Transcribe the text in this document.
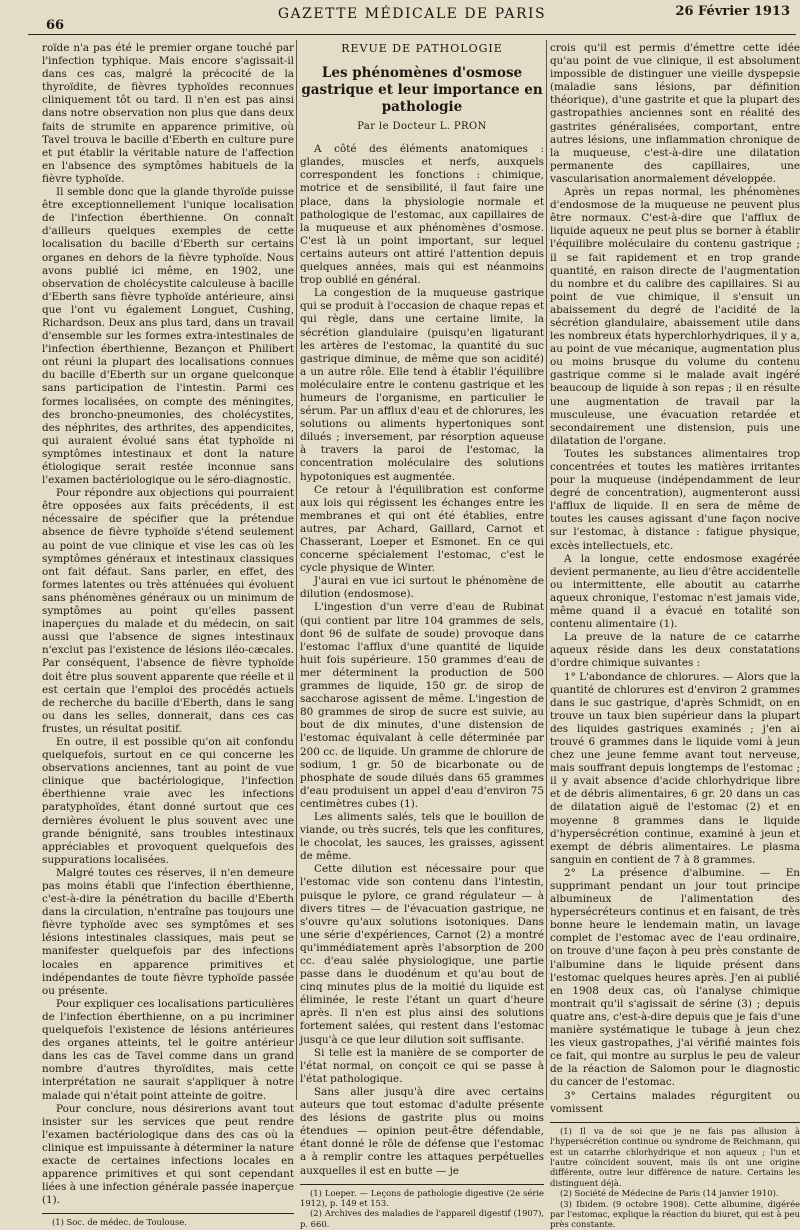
66
GAZETTE MÉDICALE DE PARIS	26 Février 1913

roïde n'a pas été le premier organe touché par l'infection typhique. Mais encore s'agissait-il dans ces cas, malgré la précocité de la thyroïdite, de fièvres typhoïdes reconnues cliniquement tôt ou tard. Il n'en est pas ainsi dans notre observation non plus que dans deux faits de strumite en apparence primitive, où Tavel trouva le bacille d'Eberth en culture pure et put établir la véritable nature de l'affection en l'absence des symptômes habituels de la fièvre typhoïde.

Il semble donc que la glande thyroïde puisse être exceptionnellement l'unique localisation de l'infection éberthienne. On connaît d'ailleurs quelques exemples de cette localisation du bacille d'Eberth sur certains organes en dehors de la fièvre typhoïde. Nous avons publié ici même, en 1902, une observation de cholécystite calculeuse à bacille d'Eberth sans fièvre typhoïde antérieure, ainsi que l'ont vu également Longuet, Cushing, Richardson. Deux ans plus tard, dans un travail d'ensemble sur les formes extra-intestinales de l'infection éberthienne, Bezançon et Philibert ont réuni la plupart des localisations connues du bacille d'Eberth sur un organe quelconque sans participation de l'intestin. Parmi ces formes localisées, on compte des méningites, des broncho-pneumonies, des cholécystites, des néphrites, des arthrites, des appendicites, qui auraient évolué sans état typhoïde ni symptômes intestinaux et dont la nature étiologique serait restée inconnue sans l'examen bactériologique ou le séro-diagnostic.

Pour répondre aux objections qui pourraient être opposées aux faits précédents, il est nécessaire de spécifier que la prétendue absence de fièvre typhoïde s'étend seulement au point de vue clinique et vise les cas où les symptômes généraux et intestinaux classiques ont fait défaut. Sans parler, en effet, des formes latentes ou très atténuées qui évoluent sans phénomènes généraux ou un minimum de symptômes au point qu'elles passent inaperçues du malade et du médecin, on sait aussi que l'absence de signes intestinaux n'exclut pas l'existence de lésions iléo-cæcales. Par conséquent, l'absence de fièvre typhoïde doit être plus souvent apparente que réelle et il est certain que l'emploi des procédés actuels de recherche du bacille d'Eberth, dans le sang ou dans les selles, donnerait, dans ces cas frustes, un résultat positif.

En outre, il est possible qu'on ait confondu quelquefois, surtout en ce qui concerne les observations anciennes, tant au point de vue clinique que bactériologique, l'infection éberthienne vraie avec les infections paratyphoïdes, étant donné surtout que ces dernières évoluent le plus souvent avec une grande bénignité, sans troubles intestinaux appréciables et provoquent quelquefois des suppurations localisées.

Malgré toutes ces réserves, il n'en demeure pas moins établi que l'infection éberthienne, c'est-à-dire la pénétration du bacille d'Eberth dans la circulation, n'entraîne pas toujours une fièvre typhoïde avec ses symptômes et ses lésions intestinales classiques, mais peut se manifester quelquefois par des infections locales en apparence primitives et indépendantes de toute fièvre typhoïde passée ou présente.

Pour expliquer ces localisations particulières de l'infection éberthienne, on a pu incriminer quelquefois l'existence de lésions antérieures des organes atteints, tel le goitre antérieur dans les cas de Tavel comme dans un grand nombre d'autres thyroïdites, mais cette interprétation ne saurait s'appliquer à notre malade qui n'était point atteinte de goitre.

Pour conclure, nous désirerions avant tout insister sur les services que peut rendre l'examen bactériologique dans des cas où la clinique est impuissante à déterminer la nature exacte de certaines infections locales en apparence primitives et qui sont cependant liées à une infection générale passée inaperçue (1).

(1) Soc. de médec. de Toulouse.

REVUE DE PATHOLOGIE
Les phénomènes d'osmose gastrique et leur importance en pathologie
Par le Docteur L. PRON

A côté des éléments anatomiques : glandes, muscles et nerfs, auxquels correspondent les fonctions : chimique, motrice et de sensibilité, il faut faire une place, dans la physiologie normale et pathologique de l'estomac, aux capillaires de la muqueuse et aux phénomènes d'osmose. C'est là un point important, sur lequel certains auteurs ont attiré l'attention depuis quelques années, mais qui est néanmoins trop oublié en général.

La congestion de la muqueuse gastrique qui se produit à l'occasion de chaque repas et qui règle, dans une certaine limite, la sécrétion glandulaire (puisqu'en ligaturant les artères de l'estomac, la quantité du suc gastrique diminue, de même que son acidité) a un autre rôle. Elle tend à établir l'équilibre moléculaire entre le contenu gastrique et les humeurs de l'organisme, en particulier le sérum. Par un afflux d'eau et de chlorures, les solutions ou aliments hypertoniques sont dilués ; inversement, par résorption aqueuse à travers la paroi de l'estomac, la concentration moléculaire des solutions hypotoniques est augmentée.

Ce retour à l'équilibration est conforme aux lois qui régissent les échanges entre les membranes et qui ont été établies, entre autres, par Achard, Gaillard, Carnot et Chasserant, Loeper et Esmonet. En ce qui concerne spécialement l'estomac, c'est le cycle physique de Winter.

J'aurai en vue ici surtout le phénomène de dilution (endosmose).

L'ingestion d'un verre d'eau de Rubinat (qui contient par litre 104 grammes de sels, dont 96 de sulfate de soude) provoque dans l'estomac l'afflux d'une quantité de liquide huit fois supérieure. 150 grammes d'eau de mer déterminent la production de 500 grammes de liquide, 150 gr. de sirop de saccharose agissent de même. L'ingestion de 80 grammes de sirop de sucre est suivie, au bout de dix minutes, d'une distension de l'estomac équivalant à celle déterminée par 200 cc. de liquide. Un gramme de chlorure de sodium, 1 gr. 50 de bicarbonate ou de phosphate de soude dilués dans 65 grammes d'eau produisent un appel d'eau d'environ 75 centimètres cubes (1).

Les aliments salés, tels que le bouillon de viande, ou très sucrés, tels que les confitures, le chocolat, les sauces, les graisses, agissent de même.

Cette dilution est nécessaire pour que l'estomac vide son contenu dans l'intestin, puisque le pylore, ce grand régulateur — à divers titres — de l'évacuation gastrique, ne s'ouvre qu'aux solutions isotoniques. Dans une série d'expériences, Carnot (2) a montré qu'immédiatement après l'absorption de 200 cc. d'eau salée physiologique, une partie passe dans le duodénum et qu'au bout de cinq minutes plus de la moitié du liquide est éliminée, le reste l'étant un quart d'heure après. Il n'en est plus ainsi des solutions fortement salées, qui restent dans l'estomac jusqu'à ce que leur dilution soit suffisante.

Si telle est la manière de se comporter de l'état normal, on conçoit ce qui se passe à l'état pathologique.

Sans aller jusqu'à dire avec certains auteurs que tout estomac d'adulte présente des lésions de gastrite plus ou moins étendues — opinion peut-être défendable, étant donné le rôle de défense que l'estomac a à remplir contre les attaques perpétuelles auxquelles il est en butte — je

(1) Loeper. — Leçons de pathologie digestive (2e série 1912), p. 149 et 153.

(2) Archives des maladies de l'appareil digestif (1907), p. 660.

crois qu'il est permis d'émettre cette idée qu'au point de vue clinique, il est absolument impossible de distinguer une vieille dyspepsie (maladie sans lésions, par définition théorique), d'une gastrite et que la plupart des gastropathies anciennes sont en réalité des gastrites généralisées, comportant, entre autres lésions, une inflammation chronique de la muqueuse, c'est-à-dire une dilatation permanente des capillaires, une vascularisation anormalement développée.

Après un repas normal, les phénomènes d'endosmose de la muqueuse ne peuvent plus être normaux. C'est-à-dire que l'afflux de liquide aqueux ne peut plus se borner à établir l'équilibre moléculaire du contenu gastrique ; il se fait rapidement et en trop grande quantité, en raison directe de l'augmentation du nombre et du calibre des capillaires. Si au point de vue chimique, il s'ensuit un abaissement du degré de l'acidité de la sécrétion glandulaire, abaissement utile dans les nombreux états hyperchlorhydriques, il y a, au point de vue mécanique, augmentation plus ou moins brusque du volume du contenu gastrique comme si le malade avait ingéré beaucoup de liquide à son repas ; il en résulte une augmentation de travail par la musculeuse, une évacuation retardée et secondairement une distension, puis une dilatation de l'organe.

Toutes les substances alimentaires trop concentrées et toutes les matières irritantes pour la muqueuse (indépendamment de leur degré de concentration), augmenteront aussi l'afflux de liquide. Il en sera de même de toutes les causes agissant d'une façon nocive sur l'estomac, à distance : fatigue physique, excès intellectuels, etc.

A la longue, cette endosmose exagérée devient permanente, au lieu d'être accidentelle ou intermittente, elle aboutit au catarrhe aqueux chronique, l'estomac n'est jamais vide, même quand il a évacué en totalité son contenu alimentaire (1).

La preuve de la nature de ce catarrhe aqueux réside dans les deux constatations d'ordre chimique suivantes :

1° L'abondance de chlorures. — Alors que la quantité de chlorures est d'environ 2 grammes dans le suc gastrique, d'après Schmidt, on en trouve un taux bien supérieur dans la plupart des liquides gastriques examinés ; j'en ai trouvé 6 grammes dans le liquide vomi à jeun chez une jeune femme avant tout nerveuse, mais souffrant depuis longtemps de l'estomac ; il y avait absence d'acide chlorhydrique libre et de débris alimentaires, 6 gr. 20 dans un cas de dilatation aiguë de l'estomac (2) et en moyenne 8 grammes dans le liquide d'hypersécrétion continue, examiné à jeun et exempt de débris alimentaires. Le plasma sanguin en contient de 7 à 8 grammes.

2° La présence d'albumine. — En supprimant pendant un jour tout principe albumineux de l'alimentation des hypersécréteurs continus et en faisant, de très bonne heure le lendemain matin, un lavage complet de l'estomac avec de l'eau ordinaire, on trouve d'une façon à peu près constante de l'albumine dans le liquide présent dans l'estomac quelques heures après. J'en ai publié en 1908 deux cas, où l'analyse chimique montrait qu'il s'agissait de sérine (3) ; depuis quatre ans, c'est-à-dire depuis que je fais d'une manière systématique le tubage à jeun chez les vieux gastropathes, j'ai vérifié maintes fois ce fait, qui montre au surplus le peu de valeur de la réaction de Salomon pour le diagnostic du cancer de l'estomac.

3° Certains malades régurgitent ou vomissent

(1) Il va de soi que je ne fais pas allusion à l'hypersécrétion continue ou syndrome de Reichmann, qui est un catarrhe chlorhydrique et non aqueux ; l'un et l'autre coïncident souvent, mais ils ont une origine différente, outre leur différence de nature. Certains les distinguent déjà.

(2) Société de Médecine de Paris (14 janvier 1910).

(3) Ibidem. (9 octobre 1908). Cette albumine, digérée par l'estomac, explique la réaction du biuret, qui est à peu près constante.
